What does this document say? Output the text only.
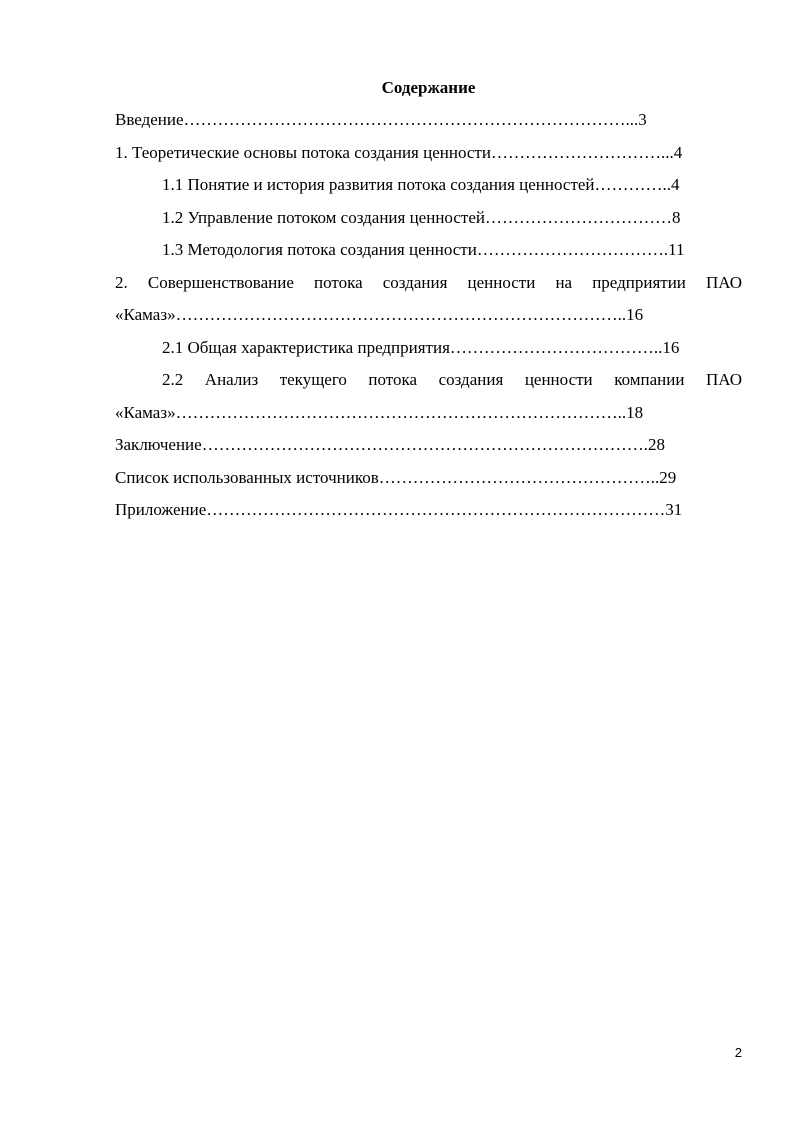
Содержание

Введение……………………………………………………………………...3

1. Теоретические основы потока создания ценности…………………………...4

1.1 Понятие и история развития потока создания ценностей…………..4

1.2 Управление потоком создания ценностей……………………………8

1.3 Методология потока создания ценности…………………………….11

2. Совершенствование потока создания ценности на предприятии ПАО «Камаз»……………………………………………………………………..16

2.1 Общая характеристика предприятия………………………………..16

2.2 Анализ текущего потока создания ценности компании ПАО «Камаз»……………………………………………………………………..18

Заключение…………………………………………………………………….28

Список использованных источников…………………………………………..29

Приложение………………………………………………………………………31

2
